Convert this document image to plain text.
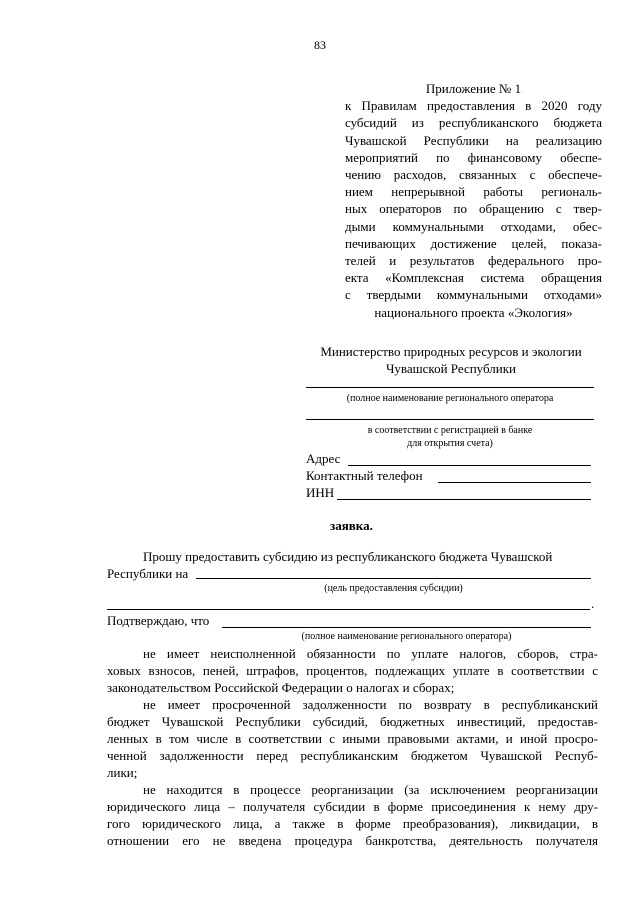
83
Приложение № 1
к Правилам предоставления в 2020 году
субсидий из республиканского бюджета
Чувашской Республики на реализацию
мероприятий по финансовому обеспе-
чению расходов, связанных с обеспече-
нием непрерывной работы региональ-
ных операторов по обращению с твер-
дыми коммунальными отходами, обес-
печивающих достижение целей, показа-
телей и результатов федерального про-
екта «Комплексная система обращения
с твердыми коммунальными отходами»
национального проекта «Экология»
Министерство природных ресурсов и экологии
Чувашской Республики
(полное наименование регионального оператора
в соответствии с регистрацией в банке
для открытия счета)
Адрес
Контактный телефон
ИНН
заявка.
Прошу предоставить субсидию из республиканского бюджета Чувашской
Республики на
(цель предоставления субсидии)
.
Подтверждаю, что
(полное наименование регионального оператора)
не имеет неисполненной обязанности по уплате налогов, сборов, стра-
ховых взносов, пеней, штрафов, процентов, подлежащих уплате в соответствии с
законодательством Российской Федерации о налогах и сборах;
не имеет просроченной задолженности по возврату в республиканский
бюджет Чувашской Республики субсидий, бюджетных инвестиций, предостав-
ленных в том числе в соответствии с иными правовыми актами, и иной просро-
ченной задолженности перед республиканским бюджетом Чувашской Респуб-
лики;
не находится в процессе реорганизации (за исключением реорганизации
юридического лица – получателя субсидии в форме присоединения к нему дру-
гого юридического лица, а также в форме преобразования), ликвидации, в
отношении его не введена процедура банкротства, деятельность получателя
